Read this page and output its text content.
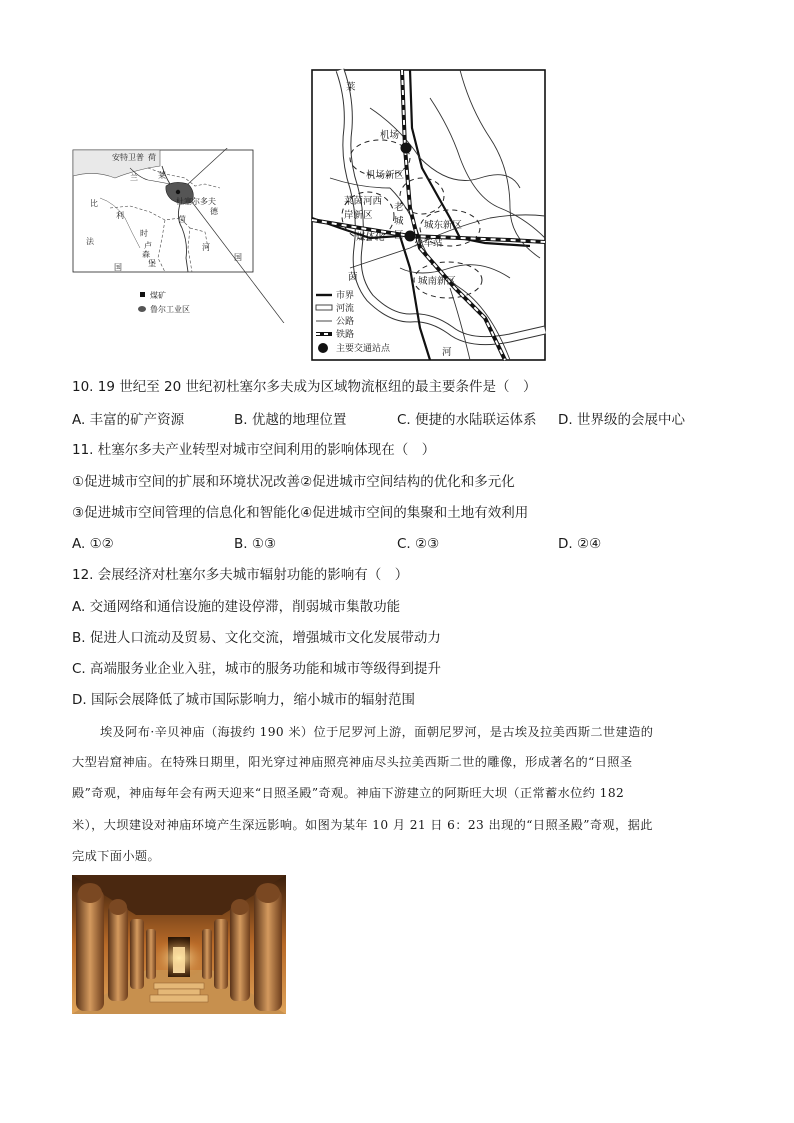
安特卫普 荷
兰	莱
比
利
法
时
卢
森
堡
杜塞尔多夫
茵
德
河
国
国
煤矿
鲁尔工业区
莱
机场
机场新区
莱茵河西
岸新区
老
城
区
城东新区
煤体化
火车站
茵	城南新区
河
市界
河流
公路
铁路
主要交通站点
10. 19 世纪至 20 世纪初杜塞尔多夫成为区域物流枢纽的最主要条件是（　）
A. 丰富的矿产资源	B. 优越的地理位置	C. 便捷的水陆联运体系 D. 世界级的会展中心
11. 杜塞尔多夫产业转型对城市空间利用的影响体现在（　）
①促进城市空间的扩展和环境状况改善②促进城市空间结构的优化和多元化
③促进城市空间管理的信息化和智能化④促进城市空间的集聚和土地有效利用
A. ①②	B. ①③	C. ②③	D. ②④
12. 会展经济对杜塞尔多夫城市辐射功能的影响有（　）
A. 交通网络和通信设施的建设停滞，削弱城市集散功能
B. 促进人口流动及贸易、文化交流，增强城市文化发展带动力
C. 高端服务业企业入驻，城市的服务功能和城市等级得到提升
D. 国际会展降低了城市国际影响力，缩小城市的辐射范围
埃及阿布·辛贝神庙（海拔约 190 米）位于尼罗河上游，面朝尼罗河，是古埃及拉美西斯二世建造的
大型岩窟神庙。在特殊日期里，阳光穿过神庙照亮神庙尽头拉美西斯二世的雕像，形成著名的“日照圣
殿”奇观，神庙每年会有两天迎来“日照圣殿”奇观。神庙下游建立的阿斯旺大坝（正常蓄水位约 182
米），大坝建设对神庙环境产生深远影响。如图为某年 10 月 21 日 6：23 出现的“日照圣殿”奇观，据此
完成下面小题。
